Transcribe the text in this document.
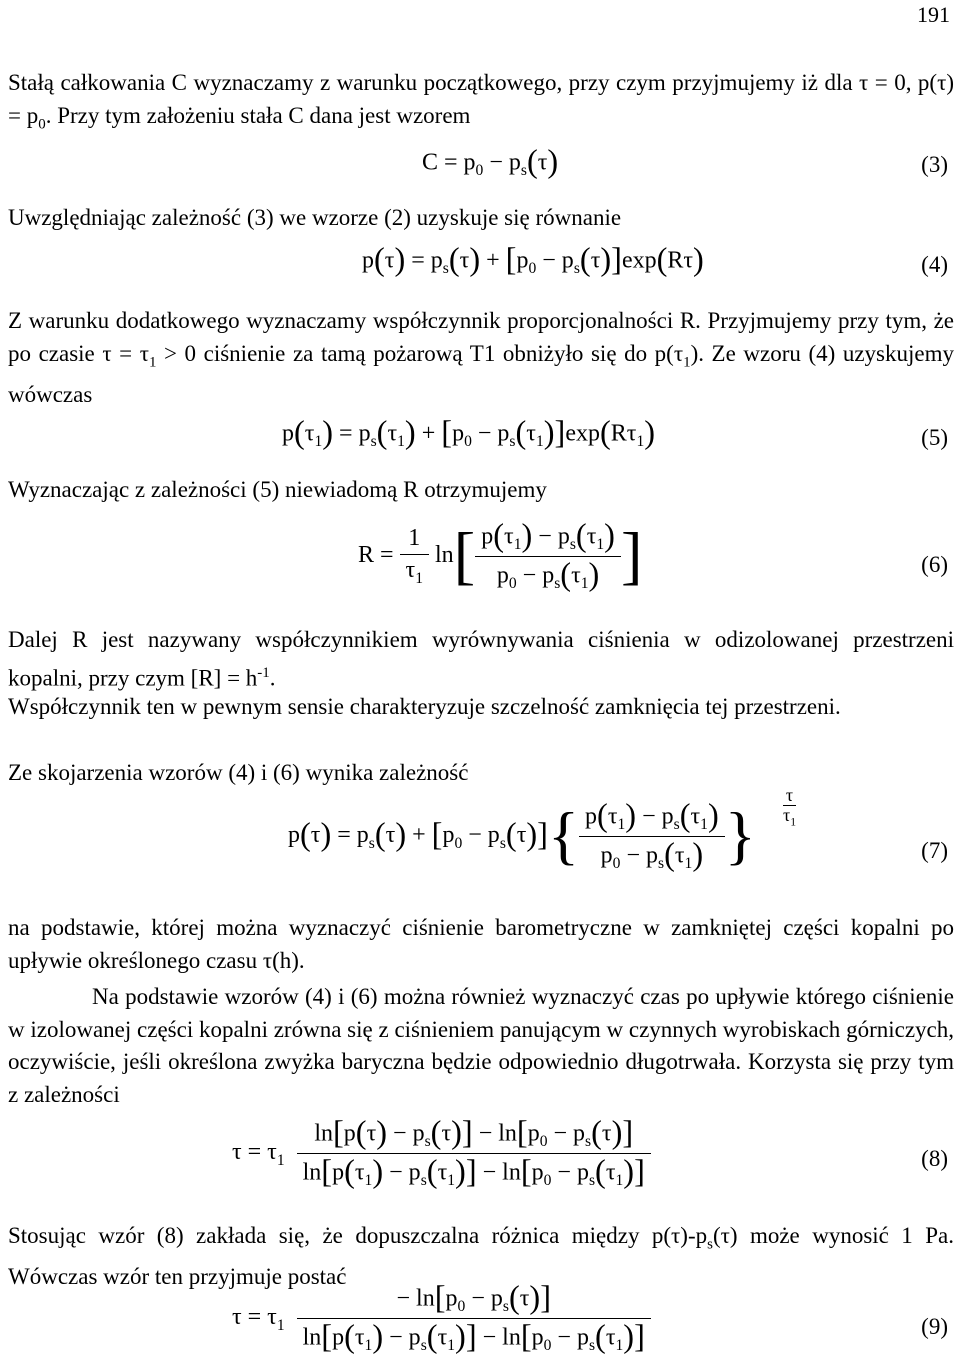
191
Stałą całkowania C wyznaczamy z warunku początkowego, przy czym przyjmujemy iż dla τ = 0, $p(\tau) = p_0$. Przy tym założeniu stała C dana jest wzorem
$C = p_0 - p_s(\tau)$	(3)
Uwzględniając zależność (3) we wzorze (2) uzyskuje się równanie
$p(\tau) = p_s(\tau) + [p_0 - p_s(\tau)]\exp(R\tau)$	(4)
Z warunku dodatkowego wyznaczamy współczynnik proporcjonalności R. Przyjmujemy przy tym, że po czasie $\tau = \tau_1 > 0$ ciśnienie za tamą pożarową T1 obniżyło się do $p(\tau_1)$. Ze wzoru (4) uzyskujemy wówczas
$p(\tau_1) = p_s(\tau_1) + [p_0 - p_s(\tau_1)]\exp(R\tau_1)$	(5)
Wyznaczając z zależności (5) niewiadomą R otrzymujemy
$R = \frac{1}{\tau_1} \ln[ \frac{p(\tau_1) - p_s(\tau_1)}{p_0 - p_s(\tau_1)}$ ]	(6)
Dalej R jest nazywany współczynnikiem wyrównywania ciśnienia w odizolowanej przestrzeni kopalni, przy czym $[R] = h^{-1}$.
Współczynnik ten w pewnym sensie charakteryzuje szczelność zamknięcia tej przestrzeni.
Ze skojarzenia wzorów (4) i (6) wynika zależność
$p(\tau) = p_s(\tau) + [p_0 - p_s(\tau)]\{ \frac{p(\tau_1) - p_s(\tau_1)}{p_0 - p_s(\tau_1)}$ }
τ
$\tau_1$
(7)
na podstawie, której można wyznaczyć ciśnienie barometryczne w zamkniętej części kopalni po upływie określonego czasu τ(h).
Na podstawie wzorów (4) i (6) można również wyznaczyć czas po upływie którego ciśnienie w izolowanej części kopalni zrówna się z ciśnieniem panującym w czynnych wyrobiskach górniczych, oczywiście, jeśli określona zwyżka baryczna będzie odpowiednio długotrwała. Korzysta się przy tym z zależności
$\tau = \tau_1 \frac{\ln[p(\tau) - p_s(\tau)] - \ln[p_0 - p_s(\tau)]}{\ln[p(\tau_1) - p_s(\tau_1)] - \ln[p_0 - p_s(\tau_1)]}$	(8)
Stosując wzór (8) zakłada się, że dopuszczalna różnica między $p(\tau)-p_s(\tau)$ może wynosić 1 Pa. Wówczas wzór ten przyjmuje postać
$\tau = \tau_1 \frac{- \ln[p_0 - p_s(\tau)]}{\ln[p(\tau_1) - p_s(\tau_1)] - \ln[p_0 - p_s(\tau_1)]}$	(9)
